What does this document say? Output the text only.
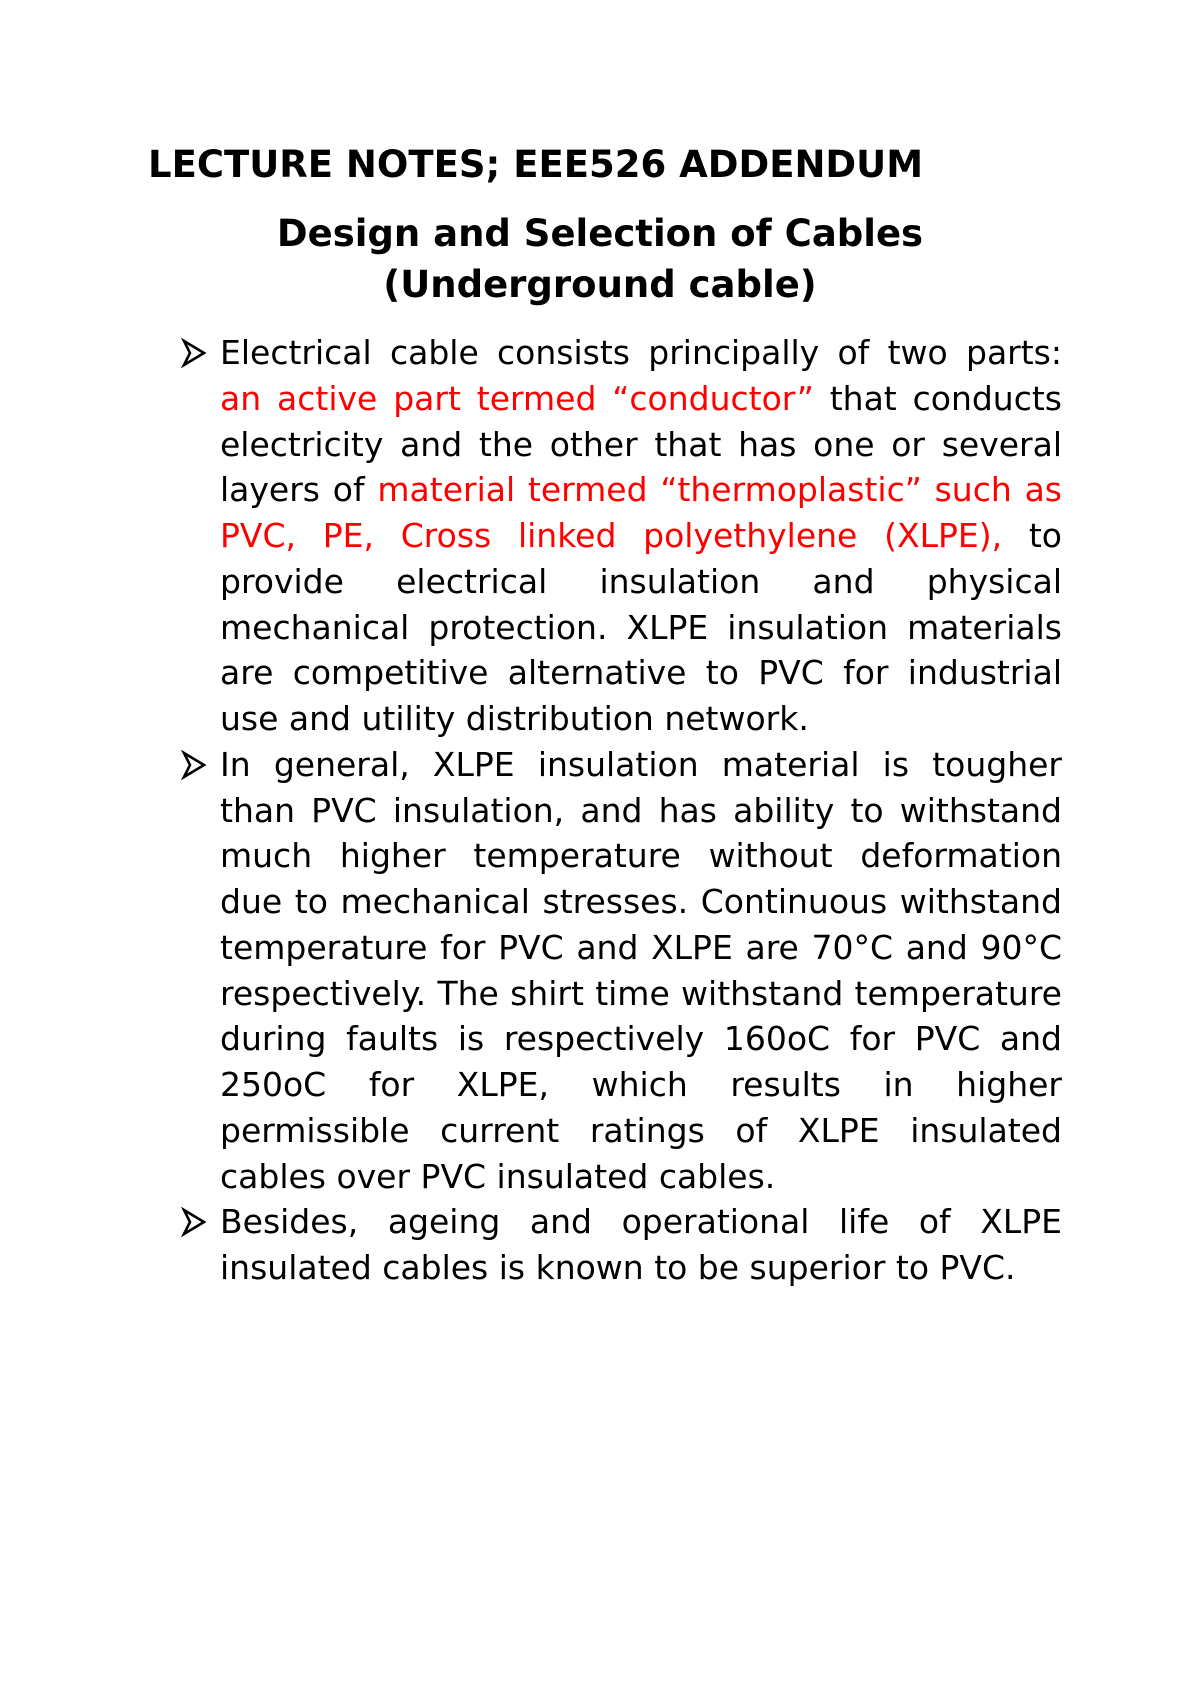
LECTURE NOTES; EEE526 ADDENDUM
Design and Selection of Cables
(Underground cable)
Electrical cable consists principally of two parts: an active part termed “conductor” that conducts electricity and the other that has one or several layers of material termed “thermoplastic” such as PVC, PE, Cross linked polyethylene (XLPE), to provide electrical insulation and physical mechanical protection. XLPE insulation materials are competitive alternative to PVC for industrial use and utility distribution network.
In general, XLPE insulation material is tougher than PVC insulation, and has ability to withstand much higher temperature without deformation due to mechanical stresses. Continuous withstand temperature for PVC and XLPE are 70°C and 90°C respectively. The shirt time withstand temperature during faults is respectively 160oC for PVC and 250oC for XLPE, which results in higher permissible current ratings of XLPE insulated cables over PVC insulated cables.
Besides, ageing and operational life of XLPE insulated cables is known to be superior to PVC.
